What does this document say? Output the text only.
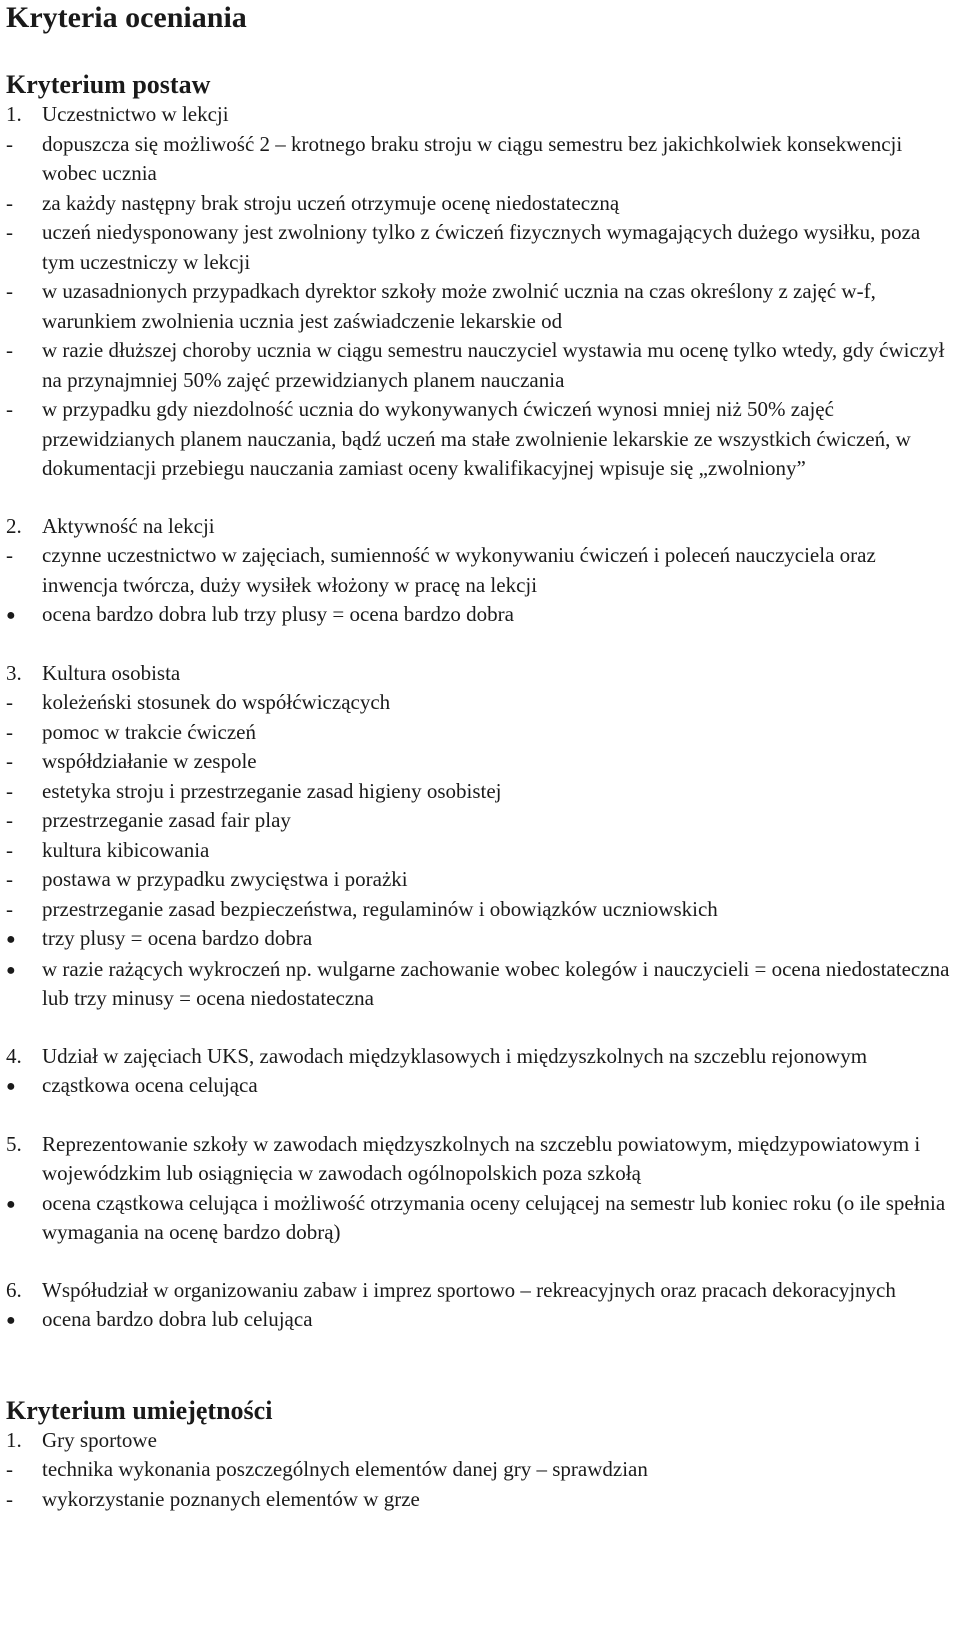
Kryteria oceniania
Kryterium postaw
1. Uczestnictwo w lekcji
-	dopuszcza się możliwość 2 – krotnego braku stroju w ciągu semestru bez jakichkolwiek konsekwencji wobec ucznia
-	za każdy następny brak stroju uczeń otrzymuje ocenę niedostateczną
-	uczeń niedysponowany jest zwolniony tylko z ćwiczeń fizycznych wymagających dużego wysiłku, poza tym uczestniczy w lekcji
-	w uzasadnionych przypadkach dyrektor szkoły może zwolnić ucznia na czas określony z zajęć w-f, warunkiem zwolnienia ucznia jest zaświadczenie lekarskie od
-	w razie dłuższej choroby ucznia w ciągu semestru nauczyciel wystawia mu ocenę tylko wtedy, gdy ćwiczył na przynajmniej 50% zajęć przewidzianych planem nauczania
-	w przypadku gdy niezdolność ucznia do wykonywanych ćwiczeń wynosi mniej niż 50% zajęć przewidzianych planem nauczania, bądź uczeń ma stałe zwolnienie lekarskie ze wszystkich ćwiczeń, w dokumentacji przebiegu nauczania zamiast oceny kwalifikacyjnej wpisuje się „zwolniony”
2. Aktywność na lekcji
-	czynne uczestnictwo w zajęciach, sumienność w wykonywaniu ćwiczeń i poleceń nauczyciela oraz inwencja twórcza, duży wysiłek włożony w pracę na lekcji
●	ocena bardzo dobra lub trzy plusy = ocena bardzo dobra
3. Kultura osobista
-	koleżeński stosunek do współćwiczących
-	pomoc w trakcie ćwiczeń
-	współdziałanie w zespole
-	estetyka stroju i przestrzeganie zasad higieny osobistej
-	przestrzeganie zasad fair play
-	kultura kibicowania
-	postawa w przypadku zwycięstwa i porażki
-	przestrzeganie zasad bezpieczeństwa, regulaminów i obowiązków uczniowskich
●	trzy plusy = ocena bardzo dobra
●	w razie rażących wykroczeń np. wulgarne zachowanie wobec kolegów i nauczycieli = ocena niedostateczna lub trzy minusy = ocena niedostateczna
4. Udział w zajęciach UKS, zawodach międzyklasowych i międzyszkolnych na szczeblu rejonowym
●	cząstkowa ocena celująca
5. Reprezentowanie szkoły w zawodach międzyszkolnych na szczeblu powiatowym, międzypowiatowym i wojewódzkim lub osiągnięcia w zawodach ogólnopolskich poza szkołą
●	ocena cząstkowa celująca i możliwość otrzymania oceny celującej na semestr lub koniec roku (o ile spełnia wymagania na ocenę bardzo dobrą)
6. Współudział w organizowaniu zabaw i imprez sportowo – rekreacyjnych oraz pracach dekoracyjnych
●	ocena bardzo dobra lub celująca
Kryterium umiejętności
1. Gry sportowe
-	technika wykonania poszczególnych elementów danej gry – sprawdzian
-	wykorzystanie poznanych elementów w grze
